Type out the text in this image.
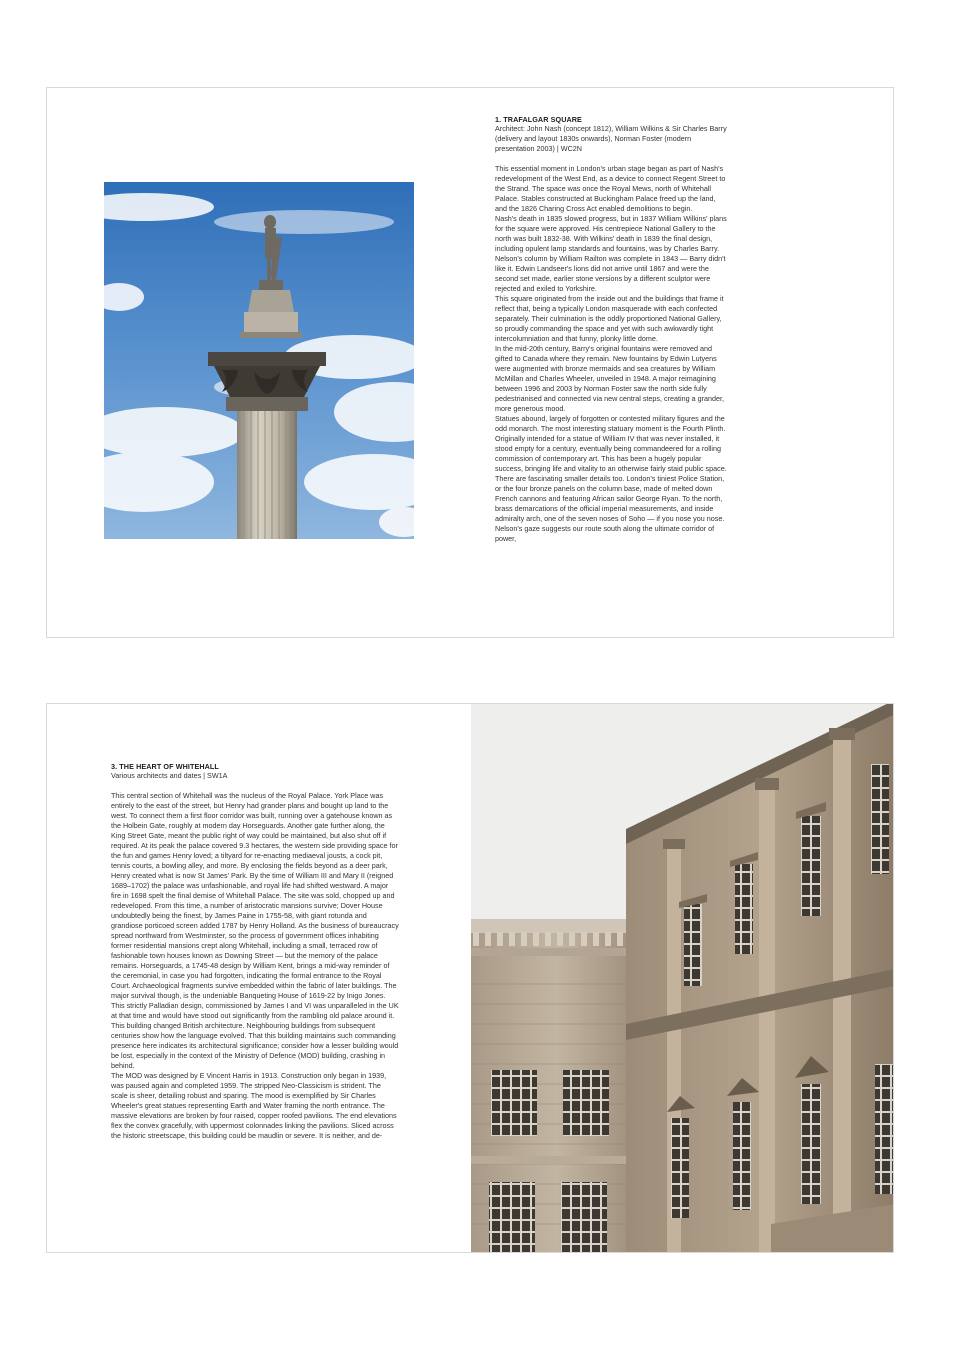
1. TRAFALGAR SQUARE
Architect: John Nash (concept 1812), William Wilkins & Sir Charles Barry (delivery and layout 1830s onwards), Norman Foster (modern presentation 2003) | WC2N

This essential moment in London's urban stage began as part of Nash's redevelopment of the West End, as a device to connect Regent Street to the Strand. The space was once the Royal Mews, north of Whitehall Palace. Stables constructed at Buckingham Palace freed up the land, and the 1826 Charing Cross Act enabled demolitions to begin.

Nash's death in 1835 slowed progress, but in 1837 William Wilkins' plans for the square were approved. His centrepiece National Gallery to the north was built 1832-38. With Wilkins' death in 1839 the final design, including opulent lamp standards and fountains, was by Charles Barry. Nelson's column by William Railton was complete in 1843 — Barry didn't like it. Edwin Landseer's lions did not arrive until 1867 and were the second set made, earlier stone versions by a different sculptor were rejected and exiled to Yorkshire.

This square originated from the inside out and the buildings that frame it reflect that, being a typically London masquerade with each confected separately. Their culmination is the oddly proportioned National Gallery, so proudly commanding the space and yet with such awkwardly tight intercolumniation and that funny, plonky little dome.

In the mid-20th century, Barry's original fountains were removed and gifted to Canada where they remain. New fountains by Edwin Lutyens were augmented with bronze mermaids and sea creatures by William McMillan and Charles Wheeler, unveiled in 1948. A major reimagining between 1996 and 2003 by Norman Foster saw the north side fully pedestrianised and connected via new central steps, creating a grander, more generous mood.

Statues abound, largely of forgotten or contested military figures and the odd monarch. The most interesting statuary moment is the Fourth Plinth. Originally intended for a statue of William IV that was never installed, it stood empty for a century, eventually being commandeered for a rolling commission of contemporary art. This has been a hugely popular success, bringing life and vitality to an otherwise fairly staid public space. There are fascinating smaller details too. London's tiniest Police Station, or the four bronze panels on the column base, made of melted down French cannons and featuring African sailor George Ryan. To the north, brass demarcations of the official imperial measurements, and inside admiralty arch, one of the seven noses of Soho — if you nose you nose. Nelson's gaze suggests our route south along the ultimate corridor of power,

3. THE HEART OF WHITEHALL
Various architects and dates | SW1A

This central section of Whitehall was the nucleus of the Royal Palace. York Place was entirely to the east of the street, but Henry had grander plans and bought up land to the west. To connect them a first floor corridor was built, running over a gatehouse known as the Holbein Gate, roughly at modern day Horseguards. Another gate further along, the King Street Gate, meant the public right of way could be maintained, but also shut off if required. At its peak the palace covered 9.3 hectares, the western side providing space for the fun and games Henry loved; a tiltyard for re-enacting mediaeval jousts, a cock pit, tennis courts, a bowling alley, and more. By enclosing the fields beyond as a deer park, Henry created what is now St James' Park. By the time of William III and Mary II (reigned 1689–1702) the palace was unfashionable, and royal life had shifted westward. A major fire in 1698 spelt the final demise of Whitehall Palace. The site was sold, chopped up and redeveloped. From this time, a number of aristocratic mansions survive; Dover House undoubtedly being the finest, by James Paine in 1755-58, with giant rotunda and grandiose porticoed screen added 1787 by Henry Holland. As the business of bureaucracy spread northward from Westminster, so the process of government offices inhabiting former residential mansions crept along Whitehall, including a small, terraced row of fashionable town houses known as Downing Street — but the memory of the palace remains. Horseguards, a 1745-48 design by William Kent, brings a mid-way reminder of the ceremonial, in case you had forgotten, indicating the formal entrance to the Royal Court. Archaeological fragments survive embedded within the fabric of later buildings. The major survival though, is the undeniable Banqueting House of 1619-22 by Inigo Jones.

This strictly Palladian design, commissioned by James I and VI was unparalleled in the UK at that time and would have stood out significantly from the rambling old palace around it. This building changed British architecture. Neighbouring buildings from subsequent centuries show how the language evolved. That this building maintains such commanding presence here indicates its architectural significance; consider how a lesser building would be lost, especially in the context of the Ministry of Defence (MOD) building, crashing in behind.

The MOD was designed by E Vincent Harris in 1913. Construction only began in 1939, was paused again and completed 1959. The stripped Neo-Classicism is strident. The scale is sheer, detailing robust and sparing. The mood is exemplified by Sir Charles Wheeler's great statues representing Earth and Water framing the north entrance. The massive elevations are broken by four raised, copper roofed pavilions. The end elevations flex the convex gracefully, with uppermost colonnades linking the pavilions. Sliced across the historic streetscape, this building could be maudlin or severe. It is neither, and de-
